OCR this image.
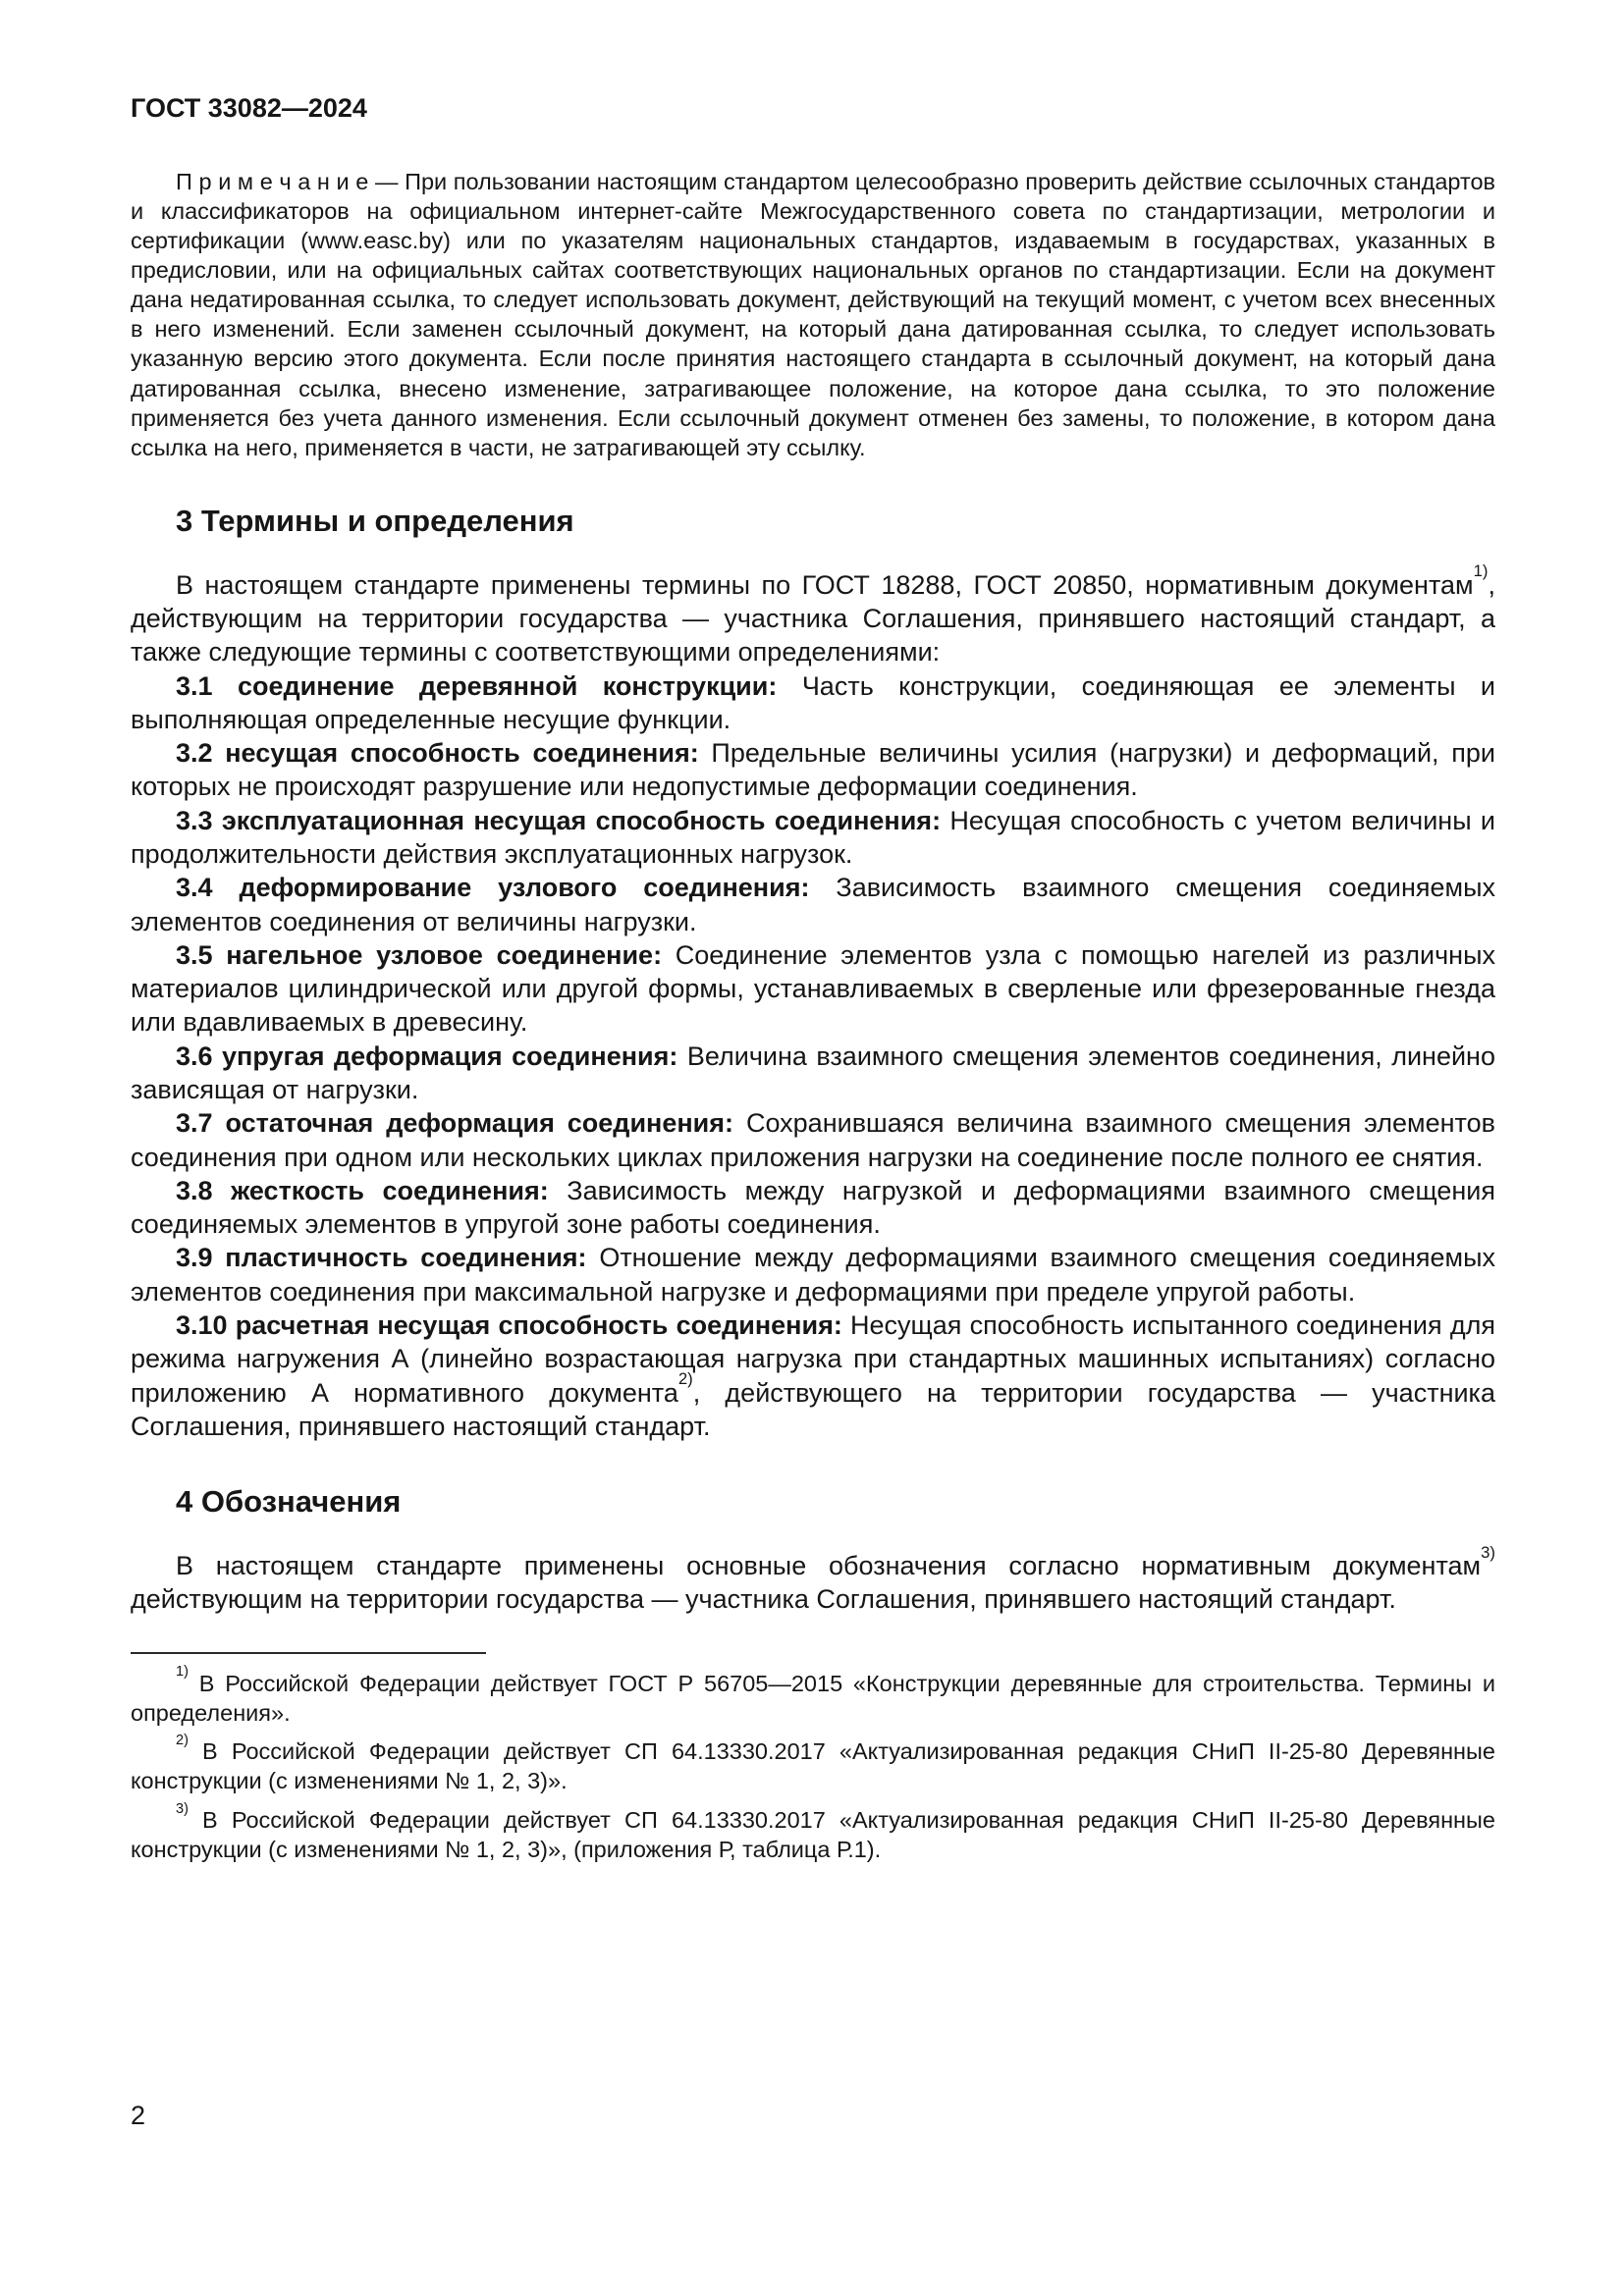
ГОСТ 33082—2024

П р и м е ч а н и е — При пользовании настоящим стандартом целесообразно проверить действие ссылочных стандартов и классификаторов на официальном интернет-сайте Межгосударственного совета по стандартизации, метрологии и сертификации (www.easc.by) или по указателям национальных стандартов, издаваемым в государствах, указанных в предисловии, или на официальных сайтах соответствующих национальных органов по стандартизации. Если на документ дана недатированная ссылка, то следует использовать документ, действующий на текущий момент, с учетом всех внесенных в него изменений. Если заменен ссылочный документ, на который дана датированная ссылка, то следует использовать указанную версию этого документа. Если после принятия настоящего стандарта в ссылочный документ, на который дана датированная ссылка, внесено изменение, затрагивающее положение, на которое дана ссылка, то это положение применяется без учета данного изменения. Если ссылочный документ отменен без замены, то положение, в котором дана ссылка на него, применяется в части, не затрагивающей эту ссылку.

3 Термины и определения

В настоящем стандарте применены термины по ГОСТ 18288, ГОСТ 20850, нормативным документам$^{1)}$, действующим на территории государства — участника Соглашения, принявшего настоящий стандарт, а также следующие термины с соответствующими определениями:

3.1 соединение деревянной конструкции: Часть конструкции, соединяющая ее элементы и выполняющая определенные несущие функции.

3.2 несущая способность соединения: Предельные величины усилия (нагрузки) и деформаций, при которых не происходят разрушение или недопустимые деформации соединения.

3.3 эксплуатационная несущая способность соединения: Несущая способность с учетом величины и продолжительности действия эксплуатационных нагрузок.

3.4 деформирование узлового соединения: Зависимость взаимного смещения соединяемых элементов соединения от величины нагрузки.

3.5 нагельное узловое соединение: Соединение элементов узла с помощью нагелей из различных материалов цилиндрической или другой формы, устанавливаемых в сверленые или фрезерованные гнезда или вдавливаемых в древесину.

3.6 упругая деформация соединения: Величина взаимного смещения элементов соединения, линейно зависящая от нагрузки.

3.7 остаточная деформация соединения: Сохранившаяся величина взаимного смещения элементов соединения при одном или нескольких циклах приложения нагрузки на соединение после полного ее снятия.

3.8 жесткость соединения: Зависимость между нагрузкой и деформациями взаимного смещения соединяемых элементов в упругой зоне работы соединения.

3.9 пластичность соединения: Отношение между деформациями взаимного смещения соединяемых элементов соединения при максимальной нагрузке и деформациями при пределе упругой работы.

3.10 расчетная несущая способность соединения: Несущая способность испытанного соединения для режима нагружения А (линейно возрастающая нагрузка при стандартных машинных испытаниях) согласно приложению А нормативного документа$^{2)}$, действующего на территории государства — участника Соглашения, принявшего настоящий стандарт.

4 Обозначения

В настоящем стандарте применены основные обозначения согласно нормативным документам$^{3)}$ действующим на территории государства — участника Соглашения, принявшего настоящий стандарт.

$^{1)}$ В Российской Федерации действует ГОСТ Р 56705—2015 «Конструкции деревянные для строительства. Термины и определения».

$^{2)}$ В Российской Федерации действует СП 64.13330.2017 «Актуализированная редакция СНиП II-25-80 Деревянные конструкции (с изменениями № 1, 2, 3)».

$^{3)}$ В Российской Федерации действует СП 64.13330.2017 «Актуализированная редакция СНиП II-25-80 Деревянные конструкции (с изменениями № 1, 2, 3)», (приложения Р, таблица Р.1).

2
